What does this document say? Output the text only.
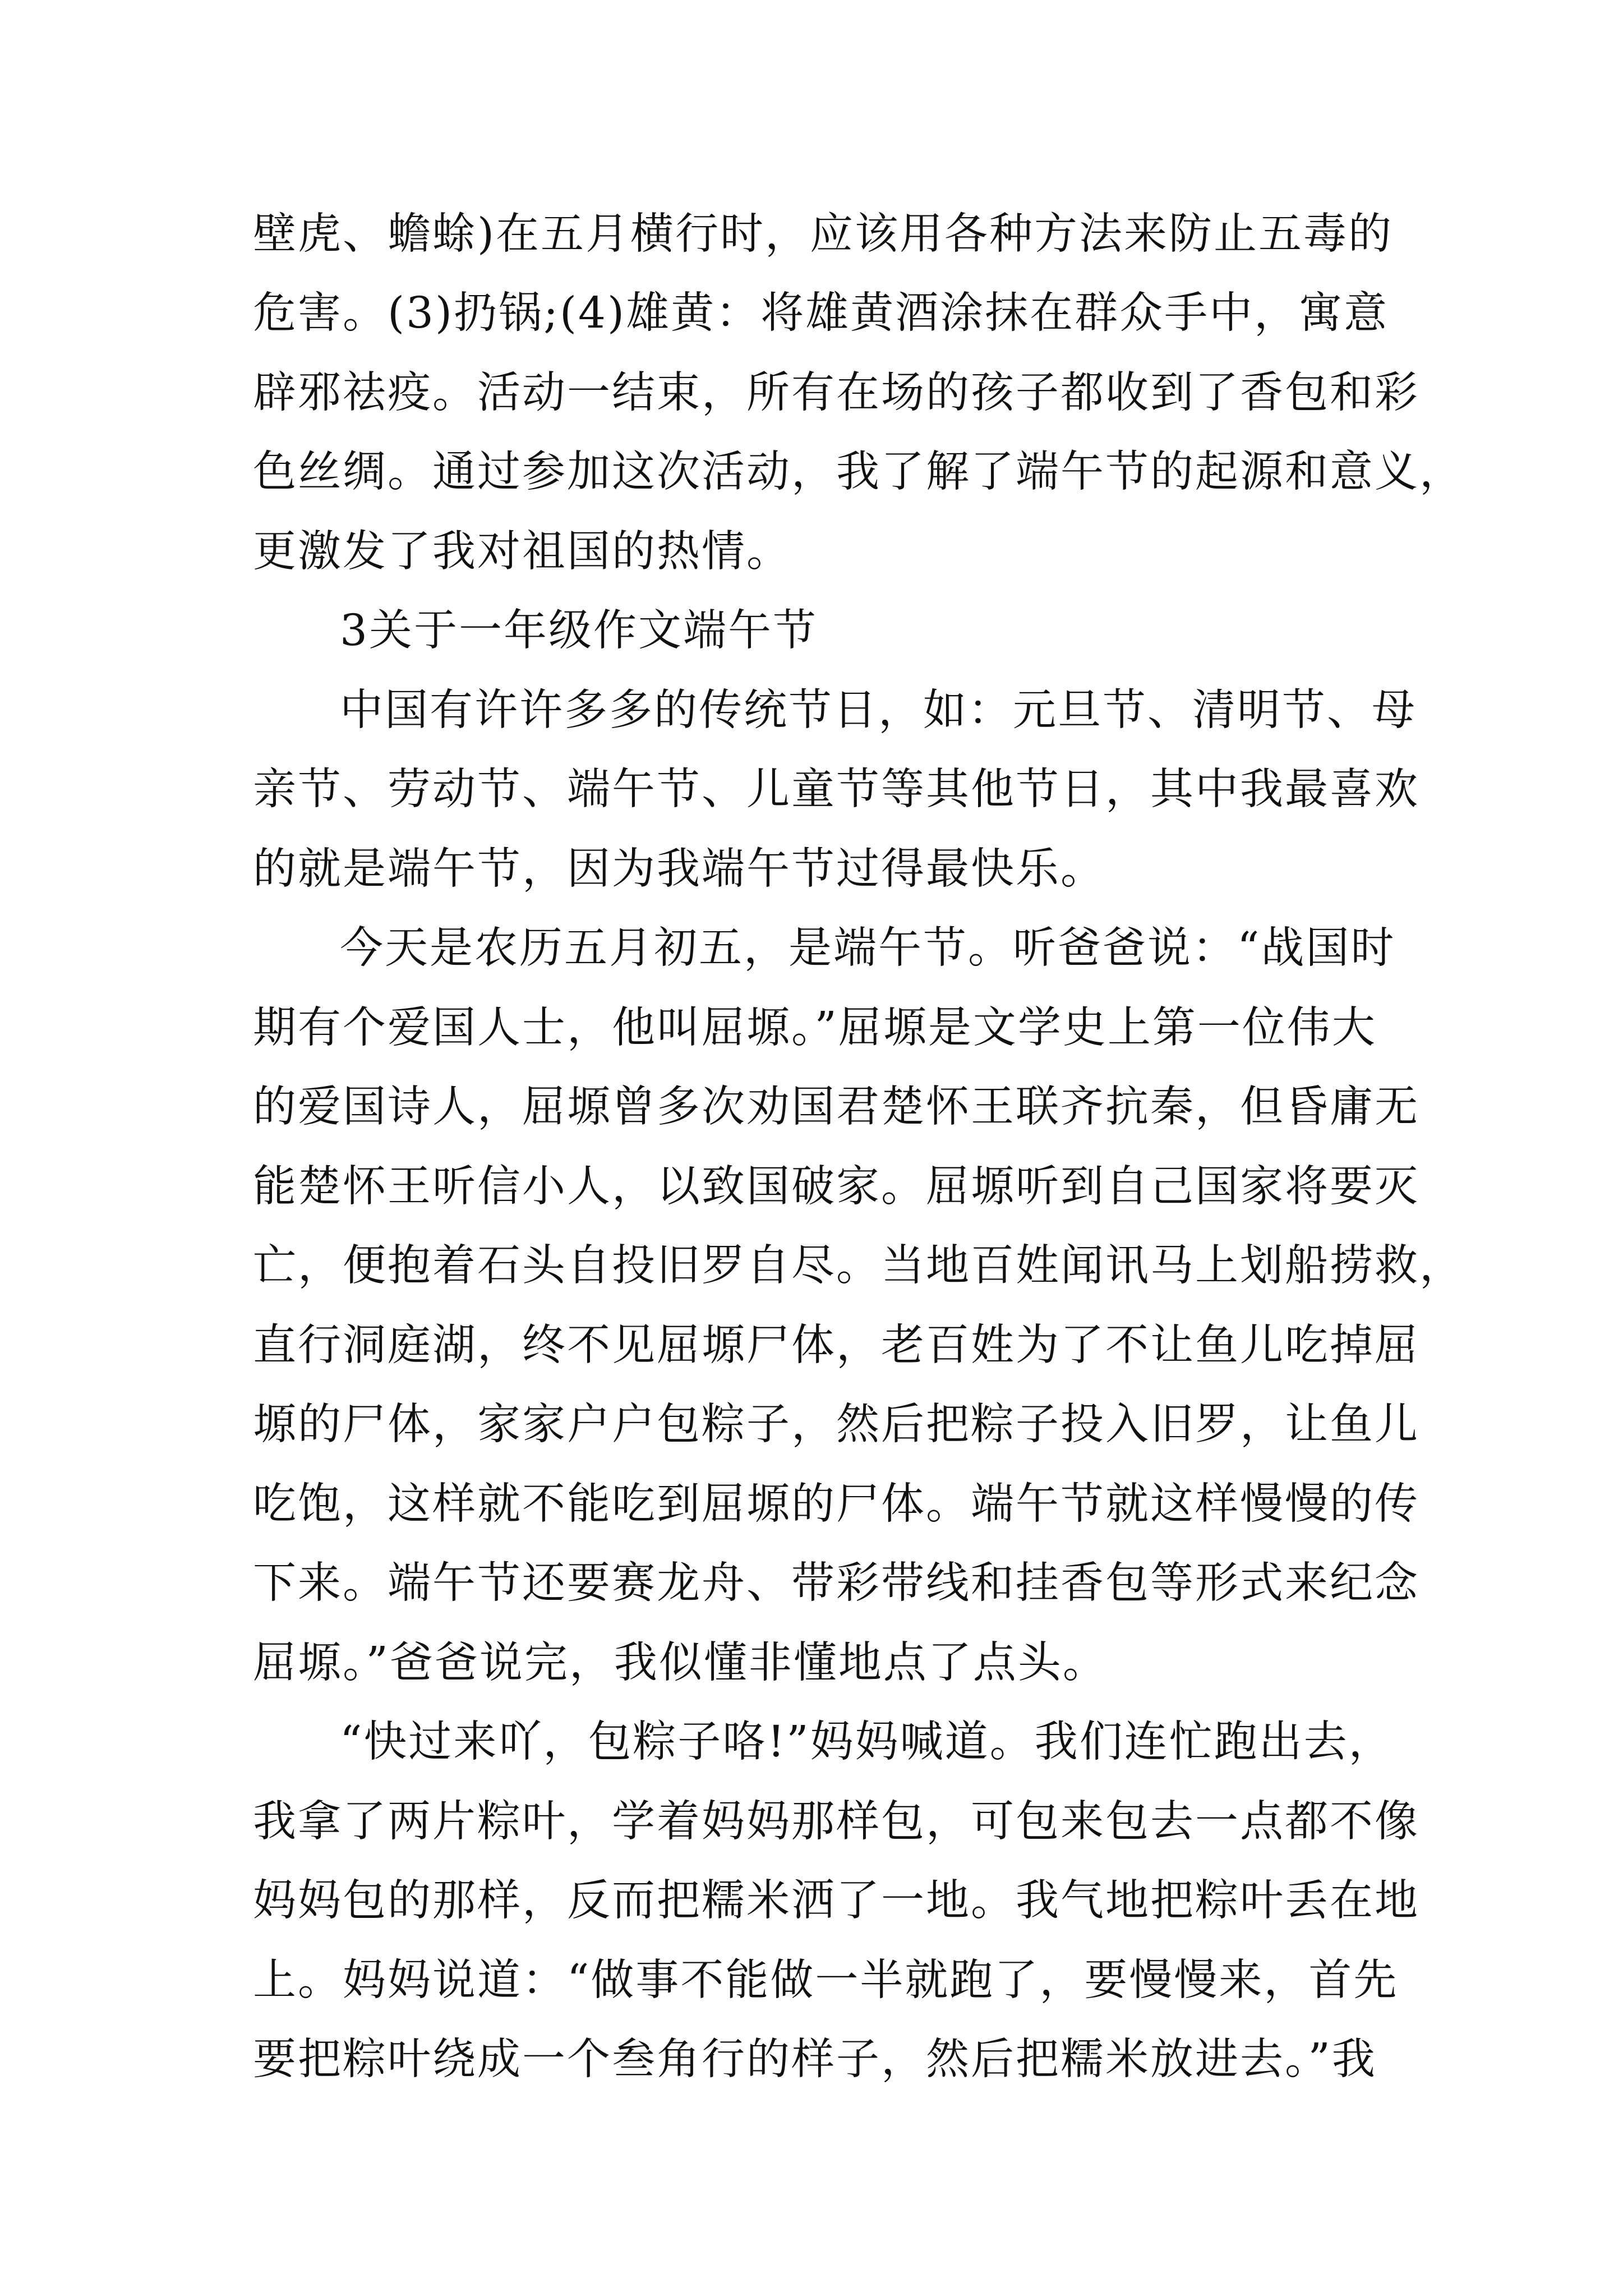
壁虎、蟾蜍)在五月横行时，应该用各种方法来防止五毒的
危害。(3)扔锅;(4)雄黄：将雄黄酒涂抹在群众手中，寓意
辟邪祛疫。活动一结束，所有在场的孩子都收到了香包和彩
色丝绸。通过参加这次活动，我了解了端午节的起源和意义，
更激发了我对祖国的热情。
3关于一年级作文端午节
中国有许许多多的传统节日，如：元旦节、清明节、母
亲节、劳动节、端午节、儿童节等其他节日，其中我最喜欢
的就是端午节，因为我端午节过得最快乐。
今天是农历五月初五，是端午节。听爸爸说：“战国时
期有个爱国人士，他叫屈塬。”屈塬是文学史上第一位伟大
的爱国诗人，屈塬曾多次劝国君楚怀王联齐抗秦，但昏庸无
能楚怀王听信小人，以致国破家。屈塬听到自己国家将要灭
亡，便抱着石头自投旧罗自尽。当地百姓闻讯马上划船捞救，
直行洞庭湖，终不见屈塬尸体，老百姓为了不让鱼儿吃掉屈
塬的尸体，家家户户包粽子，然后把粽子投入旧罗，让鱼儿
吃饱，这样就不能吃到屈塬的尸体。端午节就这样慢慢的传
下来。端午节还要赛龙舟、带彩带线和挂香包等形式来纪念
屈塬。”爸爸说完，我似懂非懂地点了点头。
“快过来吖，包粽子咯!”妈妈喊道。我们连忙跑出去，
我拿了两片粽叶，学着妈妈那样包，可包来包去一点都不像
妈妈包的那样，反而把糯米洒了一地。我气地把粽叶丢在地
上。妈妈说道：“做事不能做一半就跑了，要慢慢来，首先
要把粽叶绕成一个叁角行的样子，然后把糯米放进去。”我
